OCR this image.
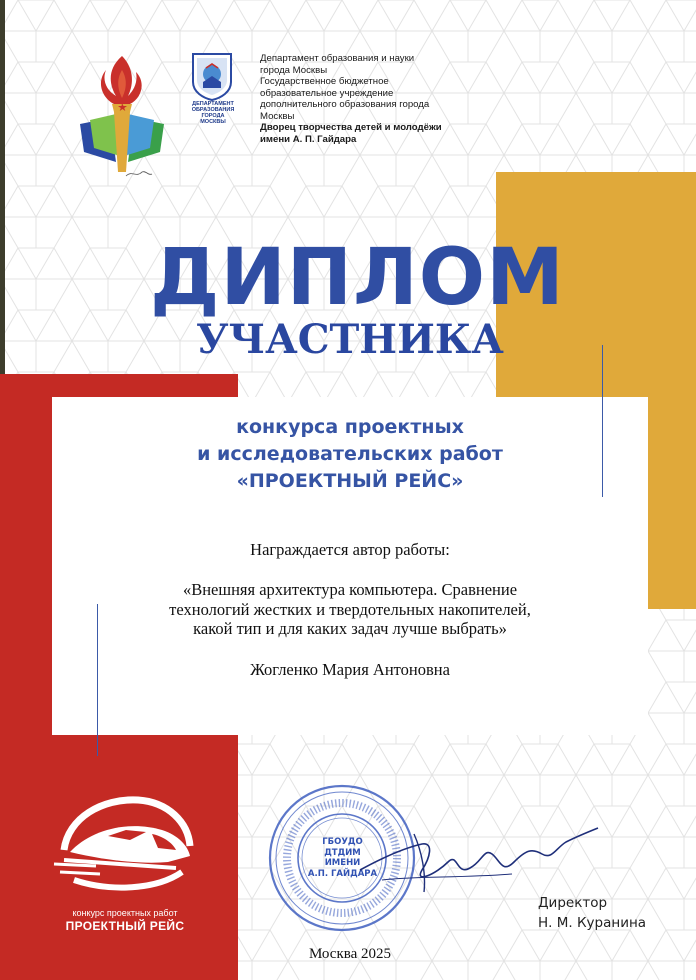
ДЕПАРТАМЕНТ ОБРАЗОВАНИЯ ГОРОДА МОСКВЫ
Департамент образования и науки
города Москвы
Государственное бюджетное
образовательное учреждение
дополнительного образования города
Москвы
Дворец творчества детей и молодёжи
имени А. П. Гайдара
ДИПЛОМ
УЧАСТНИКА
конкурса проектных
и исследовательских работ
«ПРОЕКТНЫЙ РЕЙС»
Награждается автор работы:
«Внешняя архитектура компьютера. Сравнение
технологий жестких и твердотельных накопителей,
какой тип и для каких задач лучше выбрать»
Жогленко Мария Антоновна
конкурс проектных работ
ПРОЕКТНЫЙ РЕЙС
ГБОУДО
ДТДИМ
ИМЕНИ
А.П. ГАЙДАРА
Директор
Н. М. Куранина
Москва 2025
